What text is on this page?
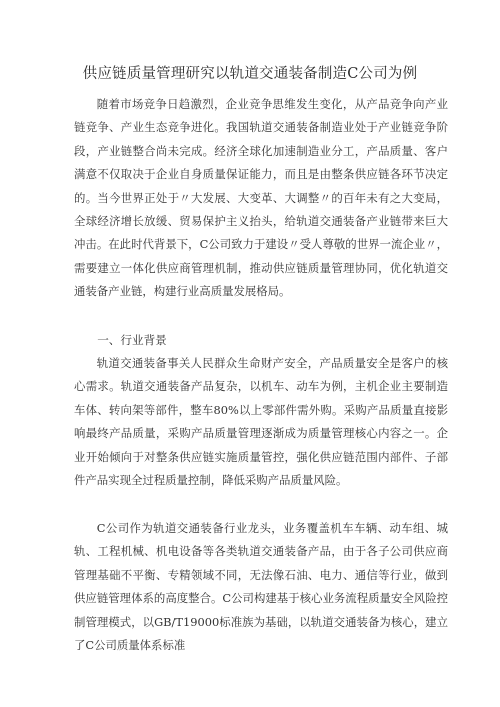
供应链质量管理研究以轨道交通装备制造C公司为例

随着市场竞争日趋激烈，企业竞争思维发生变化，从产品竞争向产业链竞争、产业生态竞争进化。我国轨道交通装备制造业处于产业链竞争阶段，产业链整合尚未完成。经济全球化加速制造业分工，产品质量、客户满意不仅取决于企业自身质量保证能力，而且是由整条供应链各环节决定的。当今世界正处于〃大发展、大变革、大调整〃的百年未有之大变局，全球经济增长放缓、贸易保护主义抬头，给轨道交通装备产业链带来巨大冲击。在此时代背景下，C公司致力于建设〃受人尊敬的世界一流企业〃，需要建立一体化供应商管理机制，推动供应链质量管理协同，优化轨道交通装备产业链，构建行业高质量发展格局。

一、行业背景

轨道交通装备事关人民群众生命财产安全，产品质量安全是客户的核心需求。轨道交通装备产品复杂，以机车、动车为例，主机企业主要制造车体、转向架等部件，整车80%以上零部件需外购。采购产品质量直接影响最终产品质量，采购产品质量管理逐渐成为质量管理核心内容之一。企业开始倾向于对整条供应链实施质量管控，强化供应链范围内部件、子部件产品实现全过程质量控制，降低采购产品质量风险。

C公司作为轨道交通装备行业龙头，业务覆盖机车车辆、动车组、城轨、工程机械、机电设备等各类轨道交通装备产品，由于各子公司供应商管理基础不平衡、专精领域不同，无法像石油、电力、通信等行业，做到供应链管理体系的高度整合。C公司构建基于核心业务流程质量安全风险控制管理模式，以GB/T19000标准族为基础，以轨道交通装备为核心，建立了C公司质量体系标准
